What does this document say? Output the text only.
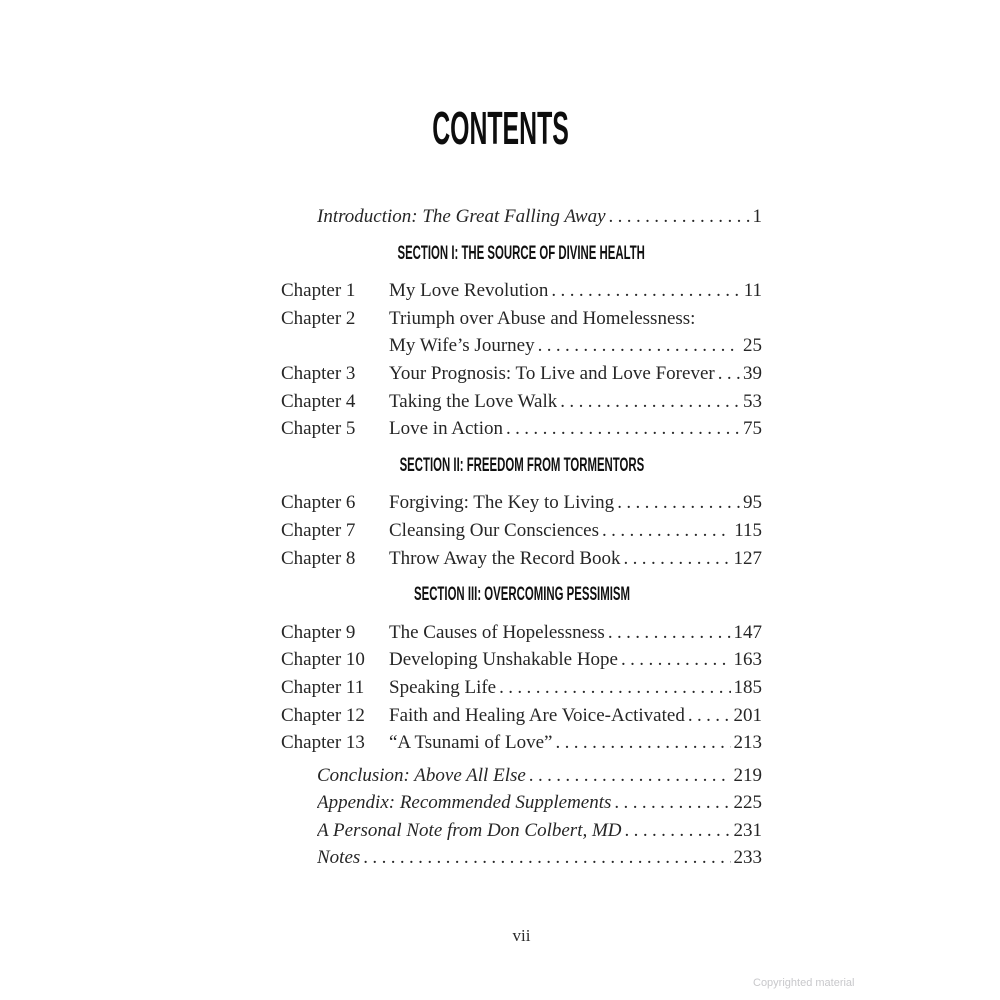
CONTENTS
Introduction: The Great Falling Away .....	1
SECTION I: THE SOURCE OF DIVINE HEALTH
Chapter 1	My Love Revolution .....	11
Chapter 2	Triumph over Abuse and Homelessness:
My Wife’s Journey .....	25
Chapter 3	Your Prognosis: To Live and Love Forever ..... 39
Chapter 4	Taking the Love Walk .....	53
Chapter 5	Love in Action .....	75
SECTION II: FREEDOM FROM TORMENTORS
Chapter 6	Forgiving: The Key to Living .....	95
Chapter 7	Cleansing Our Consciences .....	115
Chapter 8	Throw Away the Record Book .....	127
SECTION III: OVERCOMING PESSIMISM
Chapter 9	The Causes of Hopelessness .....	147
Chapter 10	Developing Unshakable Hope .....	163
Chapter 11	Speaking Life .....	185
Chapter 12	Faith and Healing Are Voice-Activated .....	201
Chapter 13	“A Tsunami of Love” .....	213
Conclusion: Above All Else .....	219
Appendix: Recommended Supplements .....	225
A Personal Note from Don Colbert, MD .....	231
Notes .....	233
vii
Copyrighted material
